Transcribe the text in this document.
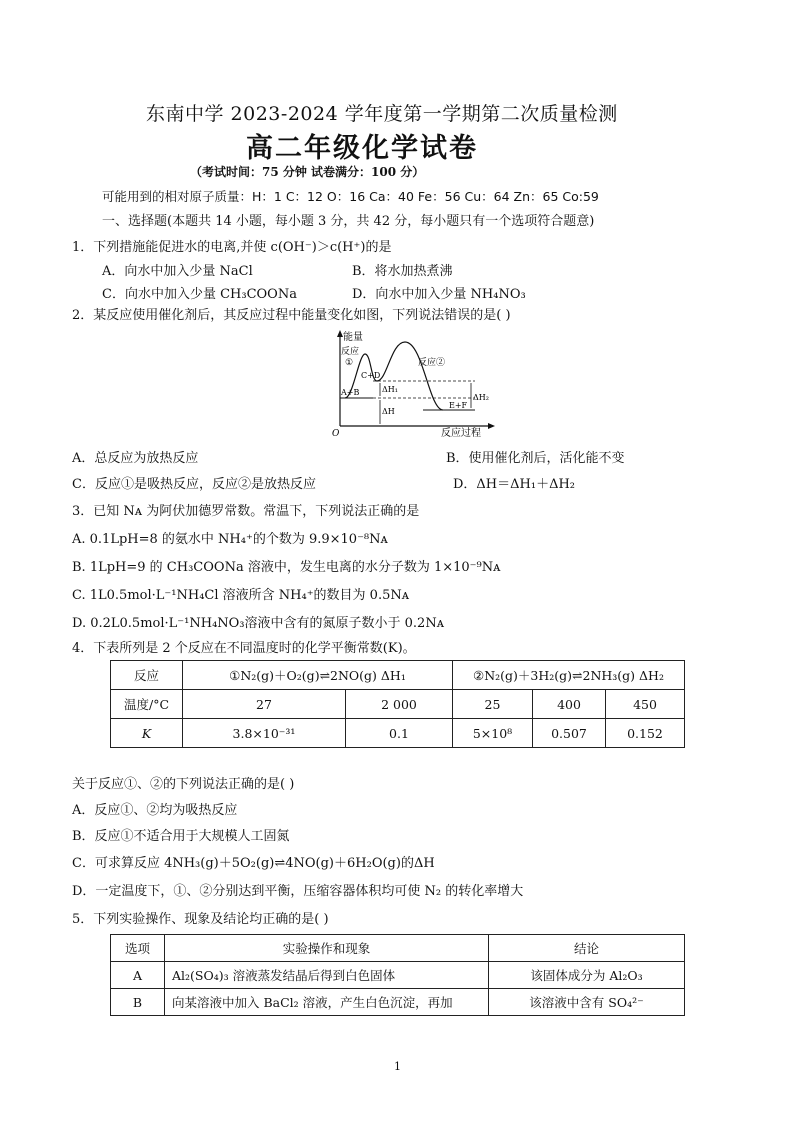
东南中学 2023-2024 学年度第一学期第二次质量检测
高二年级化学试卷
（考试时间：75 分钟 试卷满分：100 分）
可能用到的相对原子质量：H：1 C：12 O：16 Ca：40 Fe：56 Cu：64 Zn：65 Co:59
一、选择题(本题共 14 小题，每小题 3 分，共 42 分，每小题只有一个选项符合题意)
1．下列措施能促进水的电离,并使 c(OH⁻)＞c(H⁺)的是
A．向水中加入少量 NaCl	B．将水加热煮沸
C．向水中加入少量 CH₃COONa	D．向水中加入少量 NH₄NO₃
2．某反应使用催化剂后，其反应过程中能量变化如图，下列说法错误的是( )
能量
O	反应过程
反应
①	反应②
A+B
C+D
E+F
ΔH₁
ΔH
ΔH₂
A．总反应为放热反应	B．使用催化剂后，活化能不变
C．反应①是吸热反应，反应②是放热反应	D．ΔH＝ΔH₁＋ΔH₂
3．已知 Nᴀ 为阿伏加德罗常数。常温下，下列说法正确的是
A. 0.1LpH=8 的氨水中 NH₄⁺的个数为 9.9×10⁻⁸Nᴀ
B. 1LpH=9 的 CH₃COONa 溶液中，发生电离的水分子数为 1×10⁻⁹Nᴀ
C. 1L0.5mol·L⁻¹NH₄Cl 溶液所含 NH₄⁺的数目为 0.5Nᴀ
D. 0.2L0.5mol·L⁻¹NH₄NO₃溶液中含有的氮原子数小于 0.2Nᴀ
4．下表所列是 2 个反应在不同温度时的化学平衡常数(K)。
反应	①N₂(g)＋O₂(g)⇌2NO(g) ΔH₁		②N₂(g)＋3H₂(g)⇌2NH₃(g) ΔH₂		
温度/°C	27	2 000	25	400	450
K	3.8×10⁻³¹	0.1	5×10⁸	0.507	0.152
关于反应①、②的下列说法正确的是( )
A．反应①、②均为吸热反应
B．反应①不适合用于大规模人工固氮
C．可求算反应 4NH₃(g)＋5O₂(g)⇌4NO(g)＋6H₂O(g)的ΔH
D．一定温度下，①、②分别达到平衡，压缩容器体积均可使 N₂ 的转化率增大
5．下列实验操作、现象及结论均正确的是( )
选项	实验操作和现象	结论
A	Al₂(SO₄)₃ 溶液蒸发结晶后得到白色固体	该固体成分为 Al₂O₃
B	向某溶液中加入 BaCl₂ 溶液，产生白色沉淀，再加	该溶液中含有 SO₄²⁻
1
